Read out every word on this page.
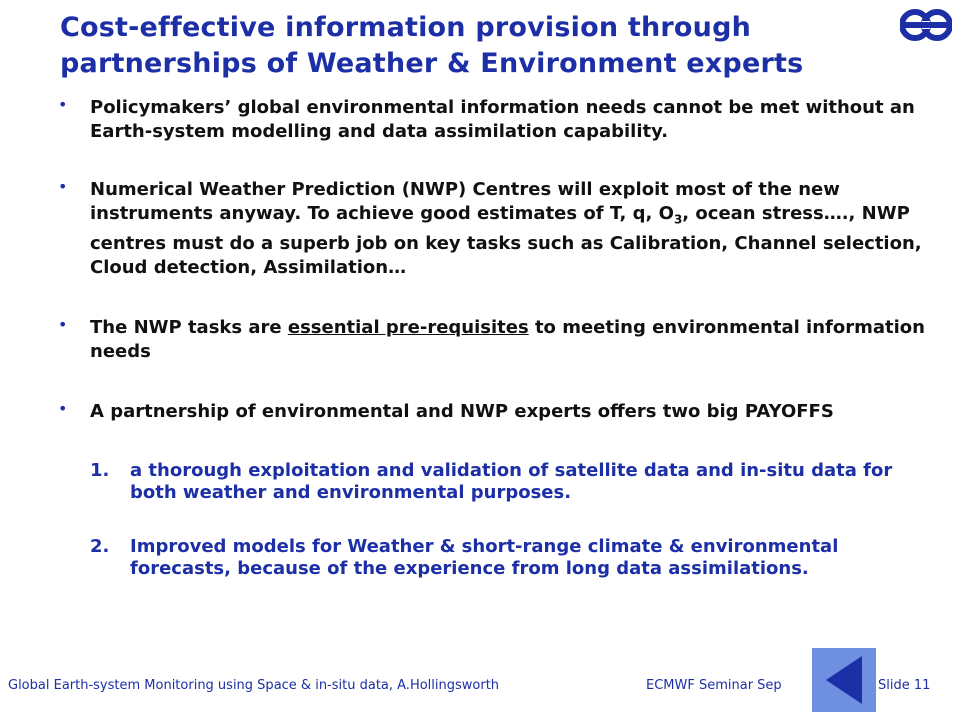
Cost-effective information provision through
partnerships of Weather & Environment experts
• Policymakers’ global environmental information needs cannot be met without an Earth-system modelling and data assimilation capability.
• Numerical Weather Prediction (NWP) Centres will exploit most of the new instruments anyway. To achieve good estimates of T, q, $O_3$, ocean stress…., NWP centres must do a superb job on key tasks such as Calibration, Channel selection, Cloud detection, Assimilation…
• The NWP tasks are essential pre-requisites to meeting environmental information needs
• A partnership of environmental and NWP experts offers two big PAYOFFS
1. a thorough exploitation and validation of satellite data and in-situ data for both weather and environmental purposes.
2. Improved models for Weather & short-range climate & environmental forecasts, because of the experience from long data assimilations.
Global Earth-system Monitoring using Space & in-situ data, A.Hollingsworth	ECMWF Seminar Sep	Slide 11
